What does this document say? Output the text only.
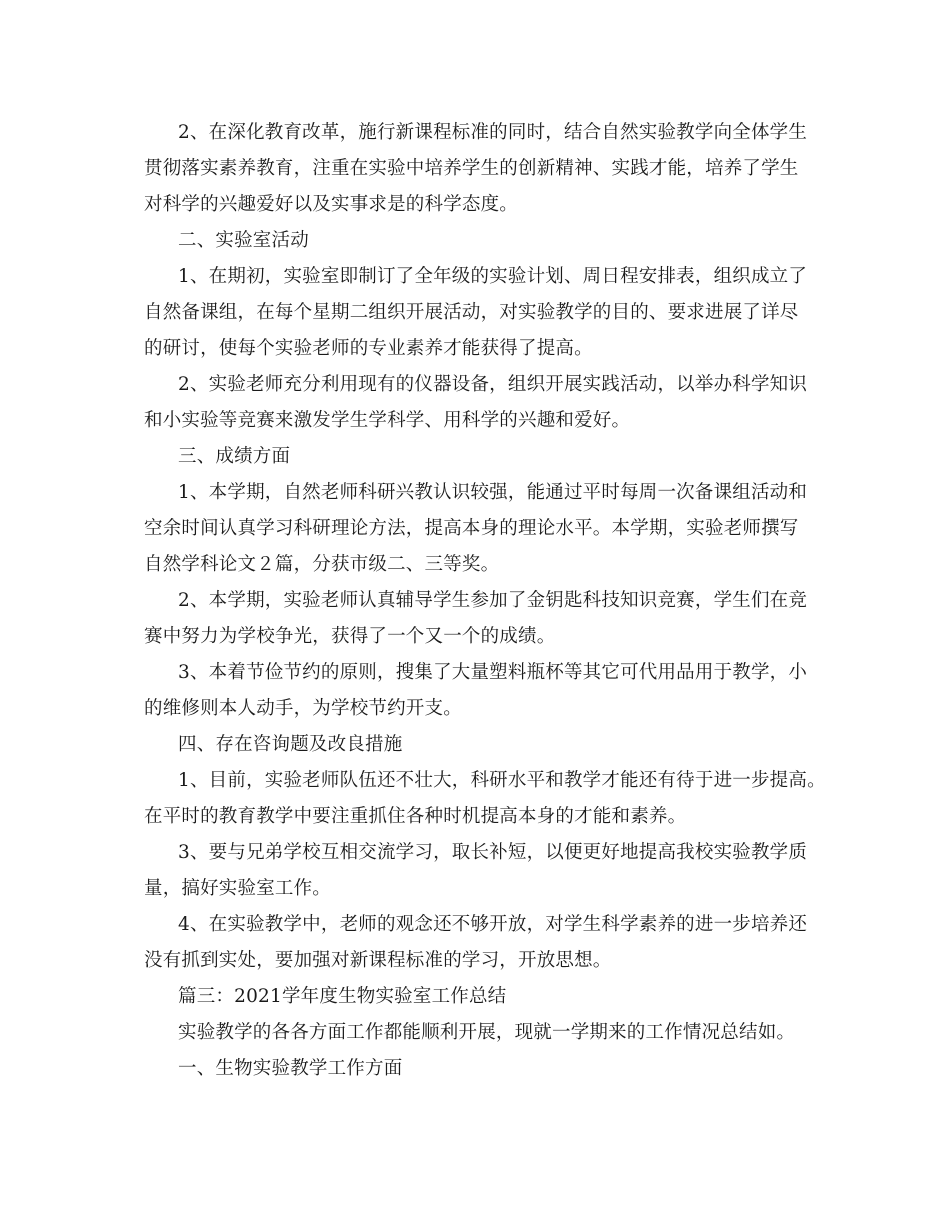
2、在深化教育改革，施行新课程标准的同时，结合自然实验教学向全体学生
贯彻落实素养教育，注重在实验中培养学生的创新精神、实践才能，培养了学生
对科学的兴趣爱好以及实事求是的科学态度。
二、实验室活动
1、在期初，实验室即制订了全年级的实验计划、周日程安排表，组织成立了
自然备课组，在每个星期二组织开展活动，对实验教学的目的、要求进展了详尽
的研讨，使每个实验老师的专业素养才能获得了提高。
2、实验老师充分利用现有的仪器设备，组织开展实践活动，以举办科学知识
和小实验等竞赛来激发学生学科学、用科学的兴趣和爱好。
三、成绩方面
1、本学期，自然老师科研兴教认识较强，能通过平时每周一次备课组活动和
空余时间认真学习科研理论方法，提高本身的理论水平。本学期，实验老师撰写
自然学科论文２篇，分获市级二、三等奖。
2、本学期，实验老师认真辅导学生参加了金钥匙科技知识竞赛，学生们在竞
赛中努力为学校争光，获得了一个又一个的成绩。
3、本着节俭节约的原则，搜集了大量塑料瓶杯等其它可代用品用于教学，小
的维修则本人动手，为学校节约开支。
四、存在咨询题及改良措施
1、目前，实验老师队伍还不壮大，科研水平和教学才能还有待于进一步提高。
在平时的教育教学中要注重抓住各种时机提高本身的才能和素养。
3、要与兄弟学校互相交流学习，取长补短，以便更好地提高我校实验教学质
量，搞好实验室工作。
4、在实验教学中，老师的观念还不够开放，对学生科学素养的进一步培养还
没有抓到实处，要加强对新课程标准的学习，开放思想。
篇三：2021学年度生物实验室工作总结
实验教学的各各方面工作都能顺利开展，现就一学期来的工作情况总结如。
一、生物实验教学工作方面
